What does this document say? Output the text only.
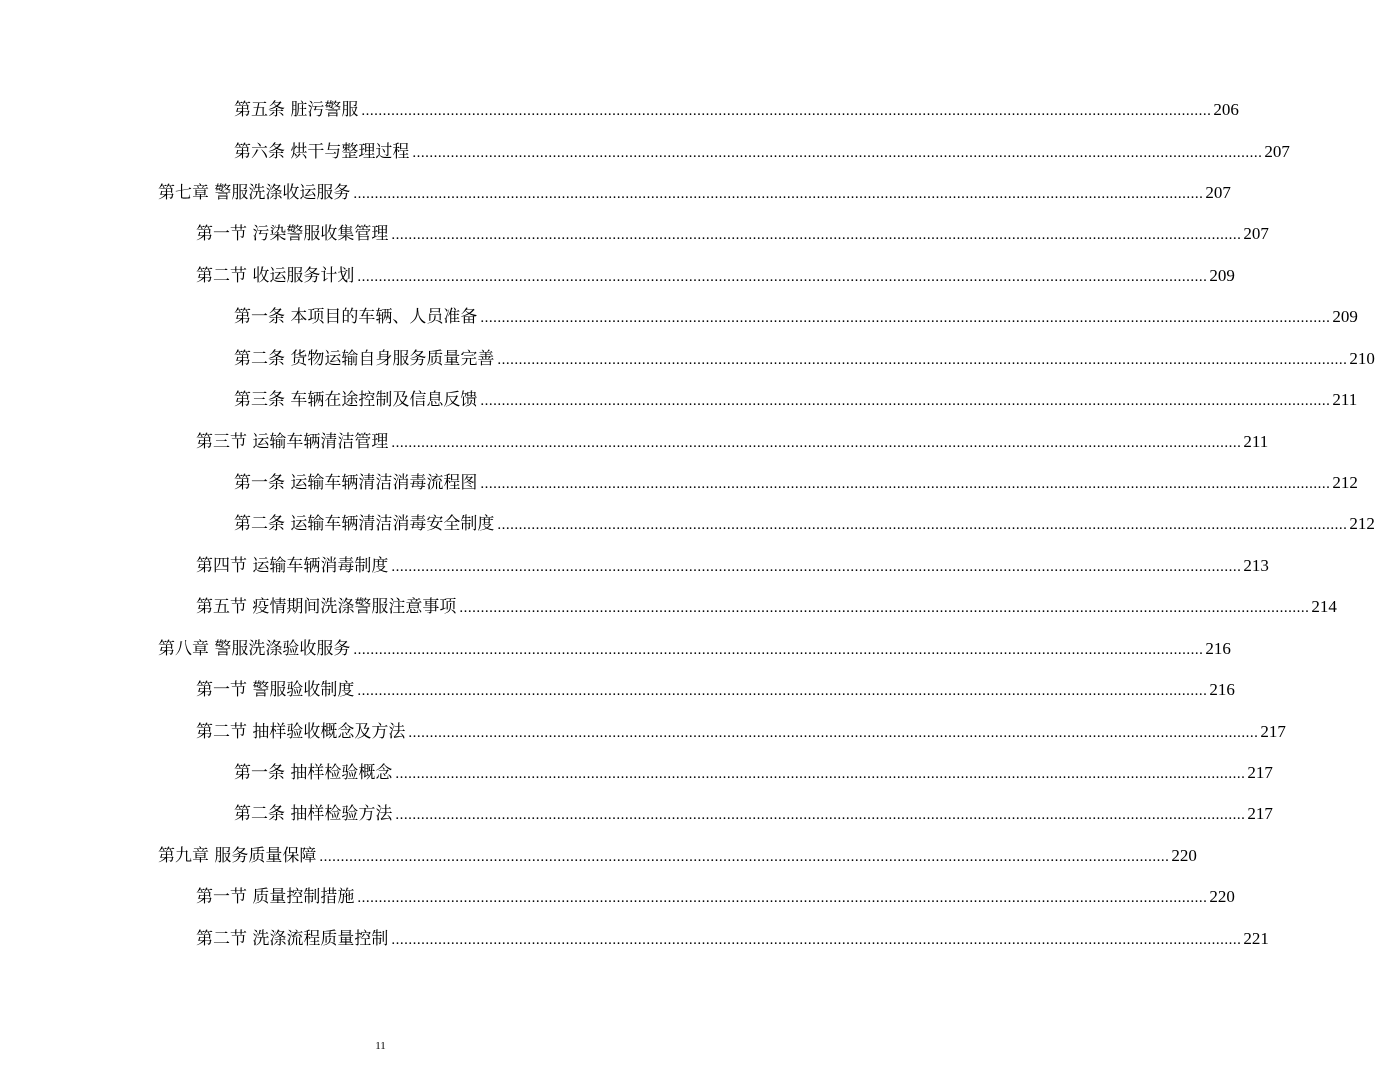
第五条 脏污警服 ........................................................................................................................................................................................................ 206
第六条 烘干与整理过程 ........................................................................................................................................................................................................ 207
第七章 警服洗涤收运服务 ........................................................................................................................................................................................................ 207
第一节 污染警服收集管理 ........................................................................................................................................................................................................ 207
第二节 收运服务计划 ........................................................................................................................................................................................................ 209
第一条 本项目的车辆、人员准备 ........................................................................................................................................................................................................ 209
第二条 货物运输自身服务质量完善 ........................................................................................................................................................................................................ 210
第三条 车辆在途控制及信息反馈 ........................................................................................................................................................................................................ 211
第三节 运输车辆清洁管理 ........................................................................................................................................................................................................ 211
第一条 运输车辆清洁消毒流程图 ........................................................................................................................................................................................................ 212
第二条 运输车辆清洁消毒安全制度 ........................................................................................................................................................................................................ 212
第四节 运输车辆消毒制度 ........................................................................................................................................................................................................ 213
第五节 疫情期间洗涤警服注意事项 ........................................................................................................................................................................................................ 214
第八章 警服洗涤验收服务 ........................................................................................................................................................................................................ 216
第一节 警服验收制度 ........................................................................................................................................................................................................ 216
第二节 抽样验收概念及方法 ........................................................................................................................................................................................................ 217
第一条 抽样检验概念 ........................................................................................................................................................................................................ 217
第二条 抽样检验方法 ........................................................................................................................................................................................................ 217
第九章 服务质量保障 ........................................................................................................................................................................................................ 220
第一节 质量控制措施 ........................................................................................................................................................................................................ 220
第二节 洗涤流程质量控制 ........................................................................................................................................................................................................ 221
11
